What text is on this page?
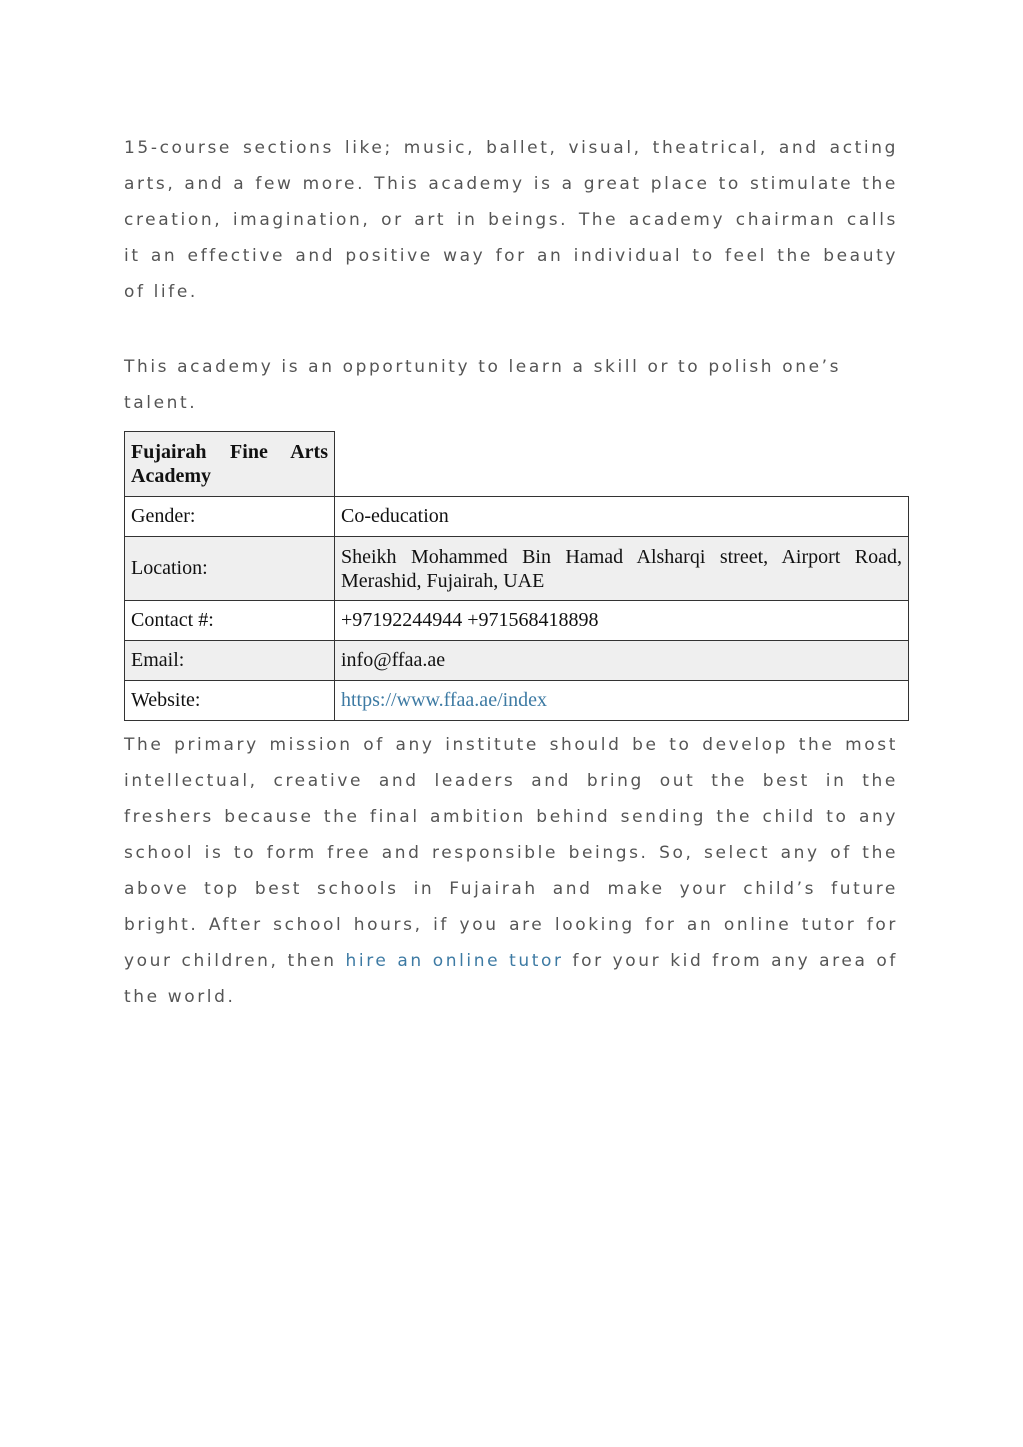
15-course sections like; music, ballet, visual, theatrical, and acting arts, and a few more. This academy is a great place to stimulate the creation, imagination, or art in beings. The academy chairman calls it an effective and positive way for an individual to feel the beauty of life.

This academy is an opportunity to learn a skill or to polish one’s talent.

Fujairah Fine Arts Academy	
Gender:	Co-education
Location:	Sheikh Mohammed Bin Hamad Alsharqi street, Airport Road, Merashid, Fujairah, UAE
Contact #:	+97192244944 +971568418898
Email:	info@ffaa.ae
Website:	https://www.ffaa.ae/index

The primary mission of any institute should be to develop the most intellectual, creative and leaders and bring out the best in the freshers because the final ambition behind sending the child to any school is to form free and responsible beings. So, select any of the above top best schools in Fujairah and make your child’s future bright. After school hours, if you are looking for an online tutor for your children, then hire an online tutor for your kid from any area of the world.
